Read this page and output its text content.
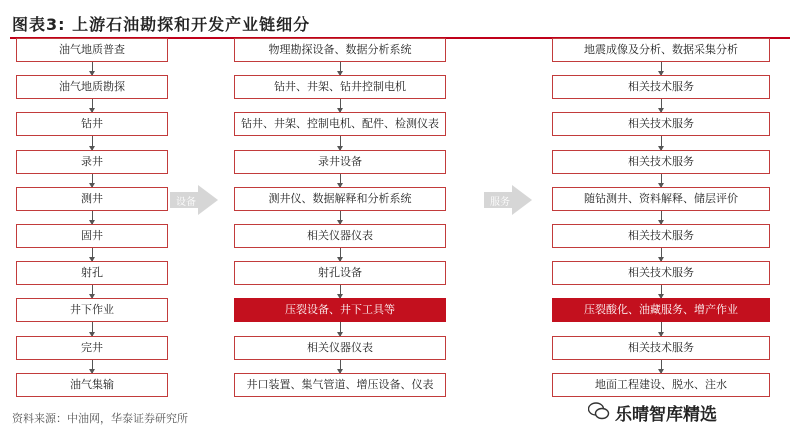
图表3: 上游石油勘探和开发产业链细分
油气地质普查
油气地质勘探
钻井
录井
测井
固井
射孔
井下作业
完井
油气集输
物理勘探设备、数据分析系统
钻井、井架、钻井控制电机
钻井、井架、控制电机、配件、检测仪表
录井设备
测井仪、数据解释和分析系统
相关仪器仪表
射孔设备
压裂设备、井下工具等
相关仪器仪表
井口装置、集气管道、增压设备、仪表
地震成像及分析、数据采集分析
相关技术服务
相关技术服务
相关技术服务
随钻测井、资料解释、储层评价
相关技术服务
相关技术服务
压裂酸化、油藏服务、增产作业
相关技术服务
地面工程建设、脱水、注水
设备	服务
资料来源：中油网，华泰证券研究所	乐晴智库精选
